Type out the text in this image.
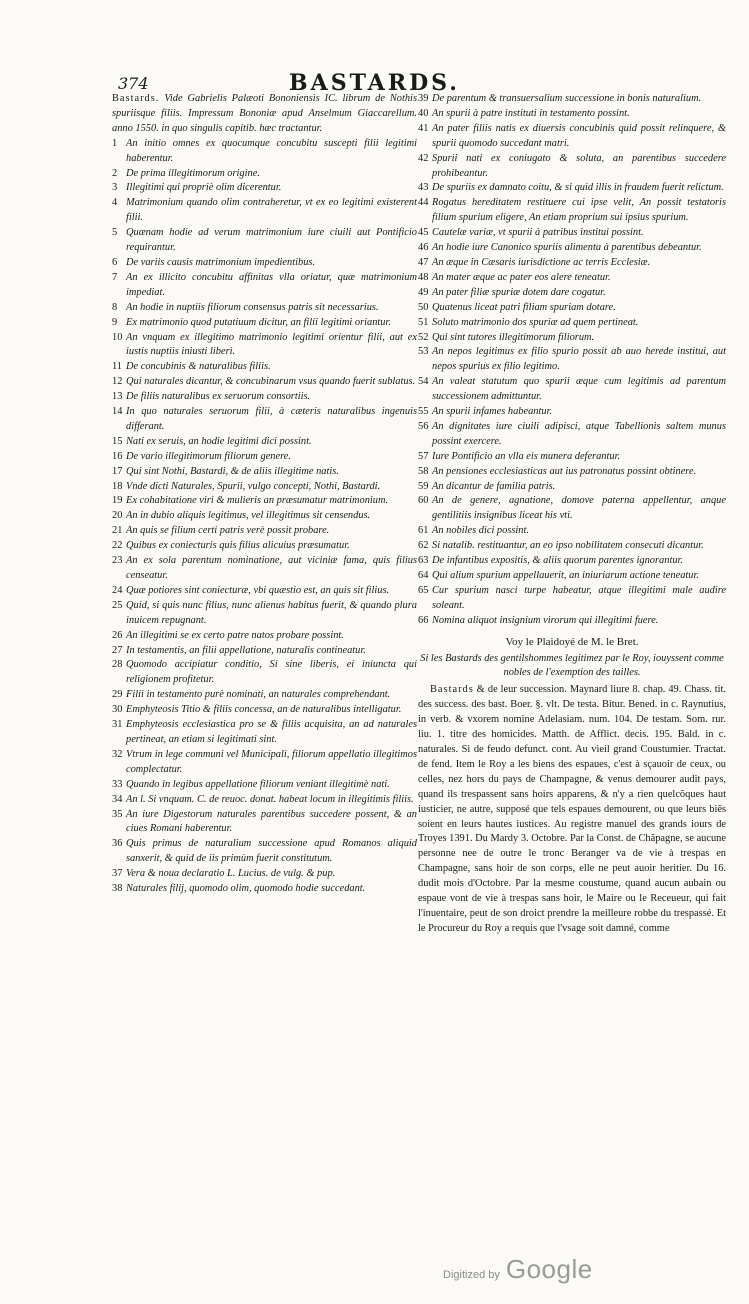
374	BASTARDS.

Bastards. Vide Gabrielis Palæoti Bononiensis IC. librum de Nothis spuriisque filiis. Impressum Bononiæ apud Anselmum Giaccarellum. anno 1550. in quo singulis capitib. hæc tractantur.

1 An initio omnes ex quocumque concubitu suscepti filii legitimi haberentur.
2 De prima illegitimorum origine.
3 Illegitimi qui propriè olim dicerentur.
4 Matrimonium quando olim contraheretur, vt ex eo legitimi existerent filii.
5 Quænam hodie ad verum matrimonium iure ciuili aut Pontificio requirantur.
6 De variis causis matrimonium impedientibus.
7 An ex illicito concubitu affinitas vlla oriatur, quæ matrimonium impediat.
8 An hodie in nuptiis filiorum consensus patris sit necessarius.
9 Ex matrimonio quod putatiuum dicitur, an filii legitimi oriantur.
10 An vnquam ex illegitimo matrimonio legitimi orientur filii, aut ex iustis nuptiis iniusti liberi.
11 De concubinis & naturalibus filiis.
12 Qui naturales dicantur, & concubinarum vsus quando fuerit sublatus.
13 De filiis naturalibus ex seruorum consortiis.
14 In quo naturales seruorum filii, à cæteris naturalibus ingenuis differant.
15 Nati ex seruis, an hodie legitimi dici possint.
16 De vario illegitimorum filiorum genere.
17 Qui sint Nothi, Bastardi, & de aliis illegitime natis.
18 Vnde dicti Naturales, Spurii, vulgo concepti, Nothi, Bastardi.
19 Ex cohabitatione viri & mulieris an præsumatur matrimonium.
20 An in dubio aliquis legitimus, vel illegitimus sit censendus.
21 An quis se filium certi patris verè possit probare.
22 Quibus ex coniecturis quis filius alicuius præsumatur.
23 An ex sola parentum nominatione, aut viciniæ fama, quis filius censeatur.
24 Quæ potiores sint coniecturæ, vbi quæstio est, an quis sit filius.
25 Quid, si quis nunc filius, nunc alienus habitus fuerit, & quando plura inuicem repugnant.
26 An illegitimi se ex certo patre natos probare possint.
27 In testamentis, an filii appellatione, naturalis contineatur.
28 Quomodo accipiatur conditio, Si sine liberis, ei iniuncta qui religionem profitetur.
29 Filii in testamento purè nominati, an naturales comprehendant.
30 Emphyteosis Titio & filiis concessa, an de naturalibus intelligatur.
31 Emphyteosis ecclesiastica pro se & filiis acquisita, an ad naturales pertineat, an etiam si legitimati sint.
32 Vtrum in lege communi vel Municipali, filiorum appellatio illegitimos complectatur.
33 Quando in legibus appellatione filiorum veniant illegitimè nati.
34 An l. Si vnquam. C. de reuoc. donat. habeat locum in illegitimis filiis.
35 An iure Digestorum naturales parentibus succedere possent, & an ciues Romani haberentur.
36 Quis primus de naturalium successione apud Romanos aliquid sanxerit, & quid de iis primùm fuerit constitutum.
37 Vera & noua declaratio L. Lucius. de vulg. & pup.
38 Naturales filij, quomodo olim, quomodo hodie succedant.
39 De parentum & transuersalium successione in bonis naturalium.
40 An spurii à patre instituti in testamento possint.
41 An pater filiis natis ex diuersis concubinis quid possit relinquere, & spurii quomodo succedant matri.
42 Spurii nati ex coniugato & soluta, an parentibus succedere prohibeantur.
43 De spuriis ex damnato coitu, & si quid illis in fraudem fuerit relictum.
44 Rogatus hereditatem restituere cui ipse velit, An possit testatoris filium spurium eligere, An etiam proprium sui ipsius spurium.
45 Cautelæ variæ, vt spurii à patribus institui possint.
46 An hodie iure Canonico spuriis alimenta à parentibus debeantur.
47 An æque in Cæsaris iurisdictione ac terris Ecclesiæ.
48 An mater æque ac pater eos alere teneatur.
49 An pater filiæ spuriæ dotem dare cogatur.
50 Quatenus liceat patri filiam spuriam dotare.
51 Soluto matrimonio dos spuriæ ad quem pertineat.
52 Qui sint tutores illegitimorum filiorum.
53 An nepos legitimus ex filio spurio possit ab auo herede institui, aut nepos spurius ex filio legitimo.
54 An valeat statutum quo spurii æque cum legitimis ad parentum successionem admittuntur.
55 An spurii infames habeantur.
56 An dignitates iure ciuili adipisci, atque Tabellionis saltem munus possint exercere.
57 Iure Pontificio an vlla eis munera deferantur.
58 An pensiones ecclesiasticas aut ius patronatus possint obtinere.
59 An dicantur de familia patris.
60 An de genere, agnatione, domove paterna appellentur, anque gentilitiis insignibus liceat his vti.
61 An nobiles dici possint.
62 Si natalib. restituantur, an eo ipso nobilitatem consecuti dicantur.
63 De infantibus expositis, & aliis quorum parentes ignorantur.
64 Qui alium spurium appellauerit, an iniuriarum actione teneatur.
65 Cur spurium nasci turpe habeatur, atque illegitimi male audire soleant.
66 Nomina aliquot insignium virorum qui illegitimi fuere.
Voy le Plaidoyé de M. le Bret.

Si les Bastards des gentilshommes legitimez par le Roy, iouyssent comme nobles de l'exemption des tailles.

Bastards & de leur succession. Maynard liure 8. chap. 49. Chass. tit. des success. des bast. Boer. §. vlt. De testa. Bitur. Bened. in c. Raynutius, in verb. & vxorem nomine Adelasiam. num. 104. De testam. Som. rur. liu. 1. titre des homicides. Matth. de Afflict. decis. 195. Bald. in c. naturales. Si de feudo defunct. cont. Au vieil grand Coustumier. Tractat. de fend. Item le Roy a les biens des espaues, c'est à sçauoir de ceux, ou celles, nez hors du pays de Champagne, & venus demourer audit pays, quand ils trespassent sans hoirs apparens, & n'y a rien quelcõques haut iusticier, ne autre, supposé que tels espaues demourent, ou que leurs biẽs soient en leurs hautes iustices. Au registre manuel des grands iours de Troyes 1391. Du Mardy 3. Octobre. Par la Const. de Chãpagne, se aucune personne nee de outre le tronc Beranger va de vie à trespas en Champagne, sans hoir de son corps, elle ne peut auoir heritier. Du 16. dudit mois d'Octobre. Par la mesme coustume, quand aucun aubain ou espaue vont de vie à trespas sans hoir, le Maire ou le Receueur, qui fait l'inuentaire, peut de son droict prendre la meilleure robbe du trespassé. Et le Procureur du Roy a requis que l'vsage soit damné, comme

Digitized by Google
